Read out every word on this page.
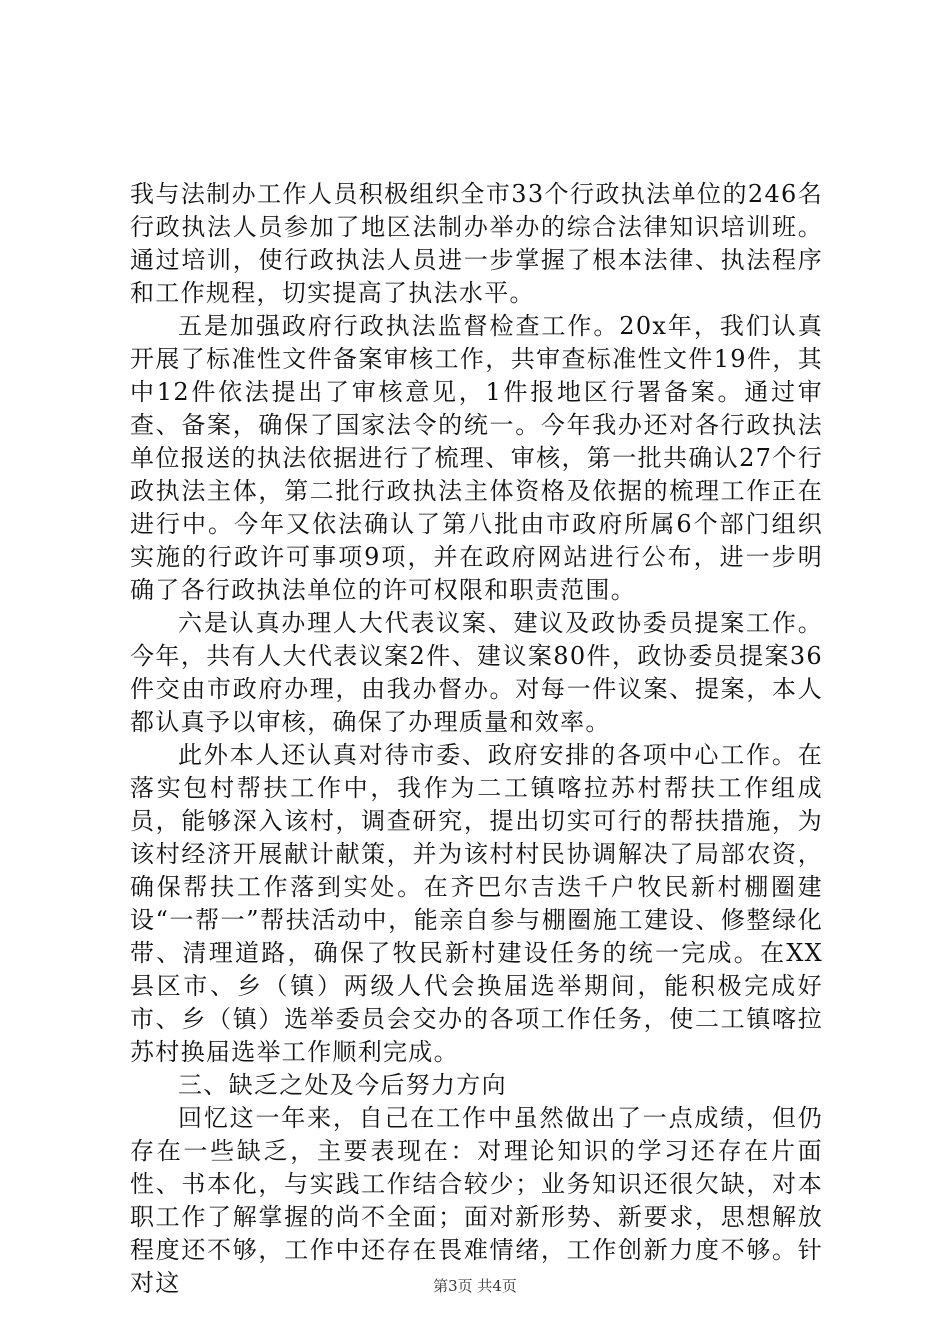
我与法制办工作人员积极组织全市33个行政执法单位的246名行政执法人员参加了地区法制办举办的综合法律知识培训班。通过培训，使行政执法人员进一步掌握了根本法律、执法程序和工作规程，切实提高了执法水平。

五是加强政府行政执法监督检查工作。20x年，我们认真开展了标准性文件备案审核工作，共审查标准性文件19件，其中12件依法提出了审核意见，1件报地区行署备案。通过审查、备案，确保了国家法令的统一。今年我办还对各行政执法单位报送的执法依据进行了梳理、审核，第一批共确认27个行政执法主体，第二批行政执法主体资格及依据的梳理工作正在进行中。今年又依法确认了第八批由市政府所属6个部门组织实施的行政许可事项9项，并在政府网站进行公布，进一步明确了各行政执法单位的许可权限和职责范围。

六是认真办理人大代表议案、建议及政协委员提案工作。今年，共有人大代表议案2件、建议案80件，政协委员提案36件交由市政府办理，由我办督办。对每一件议案、提案，本人都认真予以审核，确保了办理质量和效率。

此外本人还认真对待市委、政府安排的各项中心工作。在落实包村帮扶工作中，我作为二工镇喀拉苏村帮扶工作组成员，能够深入该村，调查研究，提出切实可行的帮扶措施，为该村经济开展献计献策，并为该村村民协调解决了局部农资，确保帮扶工作落到实处。在齐巴尔吉迭千户牧民新村棚圈建设“一帮一”帮扶活动中，能亲自参与棚圈施工建设、修整绿化带、清理道路，确保了牧民新村建设任务的统一完成。在XX县区市、乡（镇）两级人代会换届选举期间，能积极完成好市、乡（镇）选举委员会交办的各项工作任务，使二工镇喀拉苏村换届选举工作顺利完成。

三、缺乏之处及今后努力方向

回忆这一年来，自己在工作中虽然做出了一点成绩，但仍存在一些缺乏，主要表现在：对理论知识的学习还存在片面性、书本化，与实践工作结合较少；业务知识还很欠缺，对本职工作了解掌握的尚不全面；面对新形势、新要求，思想解放程度还不够，工作中还存在畏难情绪，工作创新力度不够。针对这	第3页 共4页
